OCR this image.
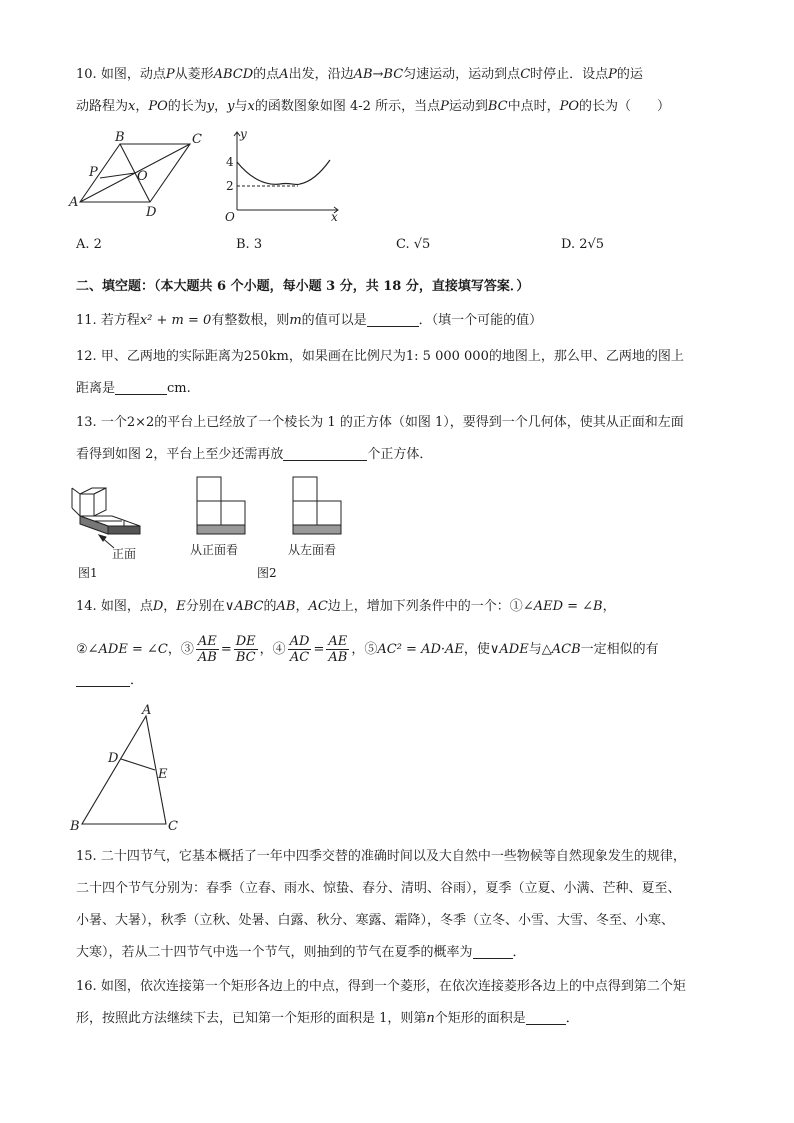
10. 如图，动点P从菱形ABCD的点A出发，沿边AB→BC匀速运动，运动到点C时停止．设点P的运
动路程为x，PO的长为y，y与x的函数图象如图 4-2 所示，当点P运动到BC中点时，PO的长为（　　）
A
B	C
D
P	O
y
x
O
4
2
A. 2	B. 3	C. √5	D. 2√5
二、填空题：（本大题共 6 个小题，每小题 3 分，共 18 分，直接填写答案．）
11. 若方程x² + m = 0有整数根，则m的值可以是	．（填一个可能的值）
12. 甲、乙两地的实际距离为250km，如果画在比例尺为1: 5 000 000的地图上，那么甲、乙两地的图上
距离是	cm.
13. 一个2×2的平台上已经放了一个棱长为 1 的正方体（如图 1），要得到一个几何体，使其从正面和左面
看得到如图 2，平台上至少还需再放	个正方体．
正面
图1
从正面看	从左面看
图2
14. 如图，点D，E分别在∨ABC的AB，AC边上，增加下列条件中的一个：①∠AED = ∠B，
②∠ADE = ∠C，③ $\frac{AE}{AB} = \frac{DE}{BC}$ ，④ $\frac{AD}{AC} = \frac{AE}{AB}$ ，⑤AC² = AD·AE，使∨ADE与△ACB一定相似的有
．
A
B	C
D
E
15. 二十四节气，它基本概括了一年中四季交替的准确时间以及大自然中一些物候等自然现象发生的规律，
二十四个节气分别为：春季（立春、雨水、惊蛰、春分、清明、谷雨），夏季（立夏、小满、芒种、夏至、
小暑、大暑），秋季（立秋、处暑、白露、秋分、寒露、霜降），冬季（立冬、小雪、大雪、冬至、小寒、
大寒），若从二十四节气中选一个节气，则抽到的节气在夏季的概率为	．
16. 如图，依次连接第一个矩形各边上的中点，得到一个菱形，在依次连接菱形各边上的中点得到第二个矩
形，按照此方法继续下去，已知第一个矩形的面积是 1，则第n个矩形的面积是	．
